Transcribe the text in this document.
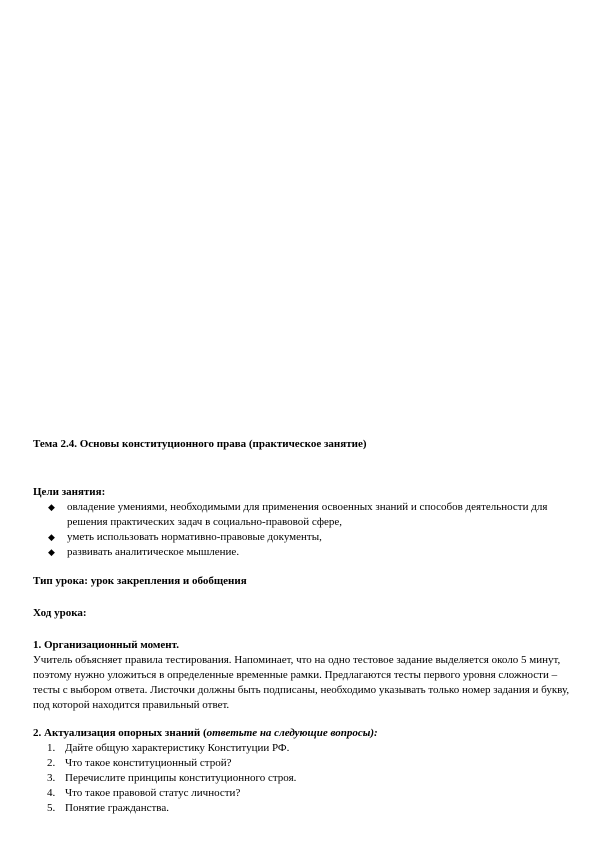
Тема 2.4. Основы конституционного права (практическое занятие)
Цели занятия:
◆ овладение умениями, необходимыми для применения освоенных знаний и способов деятельности для решения практических задач в социально-правовой сфере,
◆ уметь использовать нормативно-правовые документы,
◆ развивать аналитическое мышление.
Тип урока: урок закрепления и обобщения
Ход урока:
1. Организационный момент.

Учитель объясняет правила тестирования. Напоминает, что на одно тестовое задание выделяется около 5 минут, поэтому нужно уложиться в определенные временные рамки. Предлагаются тесты первого уровня сложности – тесты с выбором ответа. Листочки должны быть подписаны, необходимо указывать только номер задания и букву, под которой находится правильный ответ.

2. Актуализация опорных знаний (ответьте на следующие вопросы):
1. Дайте общую характеристику Конституции РФ.
2. Что такое конституционный строй?
3. Перечислите принципы конституционного строя.
4. Что такое правовой статус личности?
5. Понятие гражданства.
